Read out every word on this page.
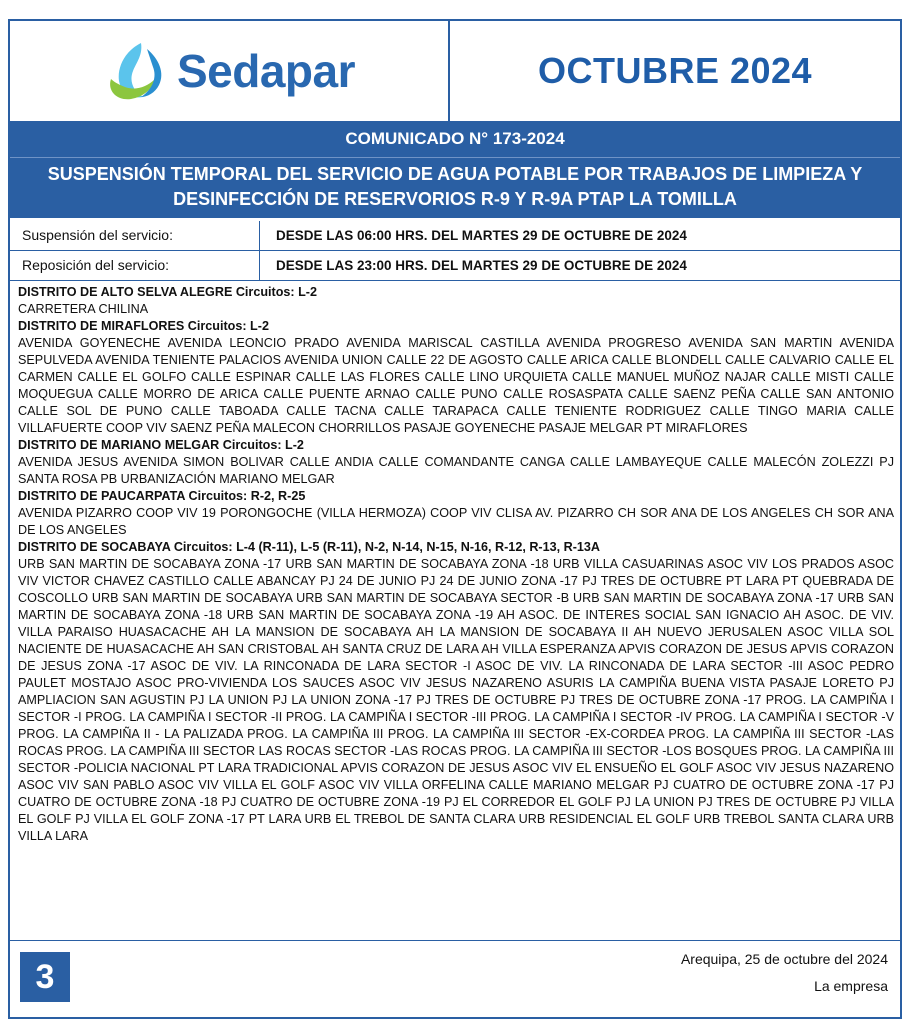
Sedapar	OCTUBRE 2024
COMUNICADO N° 173-2024
SUSPENSIÓN TEMPORAL DEL SERVICIO DE AGUA POTABLE POR TRABAJOS DE LIMPIEZA Y DESINFECCIÓN DE RESERVORIOS R-9 Y R-9A PTAP LA TOMILLA
Suspensión del servicio:	DESDE LAS 06:00 HRS. DEL MARTES 29 DE OCTUBRE DE 2024
Reposición del servicio:	DESDE LAS 23:00 HRS. DEL MARTES 29 DE OCTUBRE DE 2024

DISTRITO DE ALTO SELVA ALEGRE Circuitos: L-2

CARRETERA CHILINA

DISTRITO DE MIRAFLORES Circuitos: L-2

AVENIDA GOYENECHE AVENIDA LEONCIO PRADO AVENIDA MARISCAL CASTILLA AVENIDA PROGRESO AVENIDA SAN MARTIN AVENIDA SEPULVEDA AVENIDA TENIENTE PALACIOS AVENIDA UNION CALLE 22 DE AGOSTO CALLE ARICA CALLE BLONDELL CALLE CALVARIO CALLE EL CARMEN CALLE EL GOLFO CALLE ESPINAR CALLE LAS FLORES CALLE LINO URQUIETA CALLE MANUEL MUÑOZ NAJAR CALLE MISTI CALLE MOQUEGUA CALLE MORRO DE ARICA CALLE PUENTE ARNAO CALLE PUNO CALLE ROSASPATA CALLE SAENZ PEÑA CALLE SAN ANTONIO CALLE SOL DE PUNO CALLE TABOADA CALLE TACNA CALLE TARAPACA CALLE TENIENTE RODRIGUEZ CALLE TINGO MARIA CALLE VILLAFUERTE COOP VIV SAENZ PEÑA MALECON CHORRILLOS PASAJE GOYENECHE PASAJE MELGAR PT MIRAFLORES

DISTRITO DE MARIANO MELGAR Circuitos: L-2

AVENIDA JESUS AVENIDA SIMON BOLIVAR CALLE ANDIA CALLE COMANDANTE CANGA CALLE LAMBAYEQUE CALLE MALECÓN ZOLEZZI PJ SANTA ROSA PB URBANIZACIÓN MARIANO MELGAR

DISTRITO DE PAUCARPATA Circuitos: R-2, R-25

AVENIDA PIZARRO COOP VIV 19 PORONGOCHE (VILLA HERMOZA) COOP VIV CLISA AV. PIZARRO CH SOR ANA DE LOS ANGELES CH SOR ANA DE LOS ANGELES

DISTRITO DE SOCABAYA Circuitos: L-4 (R-11), L-5 (R-11), N-2, N-14, N-15, N-16, R-12, R-13, R-13A

URB SAN MARTIN DE SOCABAYA ZONA -17 URB SAN MARTIN DE SOCABAYA ZONA -18 URB VILLA CASUARINAS ASOC VIV LOS PRADOS ASOC VIV VICTOR CHAVEZ CASTILLO CALLE ABANCAY PJ 24 DE JUNIO PJ 24 DE JUNIO ZONA -17 PJ TRES DE OCTUBRE PT LARA PT QUEBRADA DE COSCOLLO URB SAN MARTIN DE SOCABAYA URB SAN MARTIN DE SOCABAYA SECTOR -B URB SAN MARTIN DE SOCABAYA ZONA -17 URB SAN MARTIN DE SOCABAYA ZONA -18 URB SAN MARTIN DE SOCABAYA ZONA -19 AH ASOC. DE INTERES SOCIAL SAN IGNACIO AH ASOC. DE VIV. VILLA PARAISO HUASACACHE AH LA MANSION DE SOCABAYA AH LA MANSION DE SOCABAYA II AH NUEVO JERUSALEN ASOC VILLA SOL NACIENTE DE HUASACACHE AH SAN CRISTOBAL AH SANTA CRUZ DE LARA AH VILLA ESPERANZA APVIS CORAZON DE JESUS APVIS CORAZON DE JESUS ZONA -17 ASOC DE VIV. LA RINCONADA DE LARA SECTOR -I ASOC DE VIV. LA RINCONADA DE LARA SECTOR -III ASOC PEDRO PAULET MOSTAJO ASOC PRO-VIVIENDA LOS SAUCES ASOC VIV JESUS NAZARENO ASURIS LA CAMPIÑA BUENA VISTA PASAJE LORETO PJ AMPLIACION SAN AGUSTIN PJ LA UNION PJ LA UNION ZONA -17 PJ TRES DE OCTUBRE PJ TRES DE OCTUBRE ZONA -17 PROG. LA CAMPIÑA I SECTOR -I PROG. LA CAMPIÑA I SECTOR -II PROG. LA CAMPIÑA I SECTOR -III PROG. LA CAMPIÑA I SECTOR -IV PROG. LA CAMPIÑA I SECTOR -V PROG. LA CAMPIÑA II - LA PALIZADA PROG. LA CAMPIÑA III PROG. LA CAMPIÑA III SECTOR -EX-CORDEA PROG. LA CAMPIÑA III SECTOR -LAS ROCAS PROG. LA CAMPIÑA III SECTOR LAS ROCAS SECTOR -LAS ROCAS PROG. LA CAMPIÑA III SECTOR -LOS BOSQUES PROG. LA CAMPIÑA III SECTOR -POLICIA NACIONAL PT LARA TRADICIONAL APVIS CORAZON DE JESUS ASOC VIV EL ENSUEÑO EL GOLF ASOC VIV JESUS NAZARENO ASOC VIV SAN PABLO ASOC VIV VILLA EL GOLF ASOC VIV VILLA ORFELINA CALLE MARIANO MELGAR PJ CUATRO DE OCTUBRE ZONA -17 PJ CUATRO DE OCTUBRE ZONA -18 PJ CUATRO DE OCTUBRE ZONA -19 PJ EL CORREDOR EL GOLF PJ LA UNION PJ TRES DE OCTUBRE PJ VILLA EL GOLF PJ VILLA EL GOLF ZONA -17 PT LARA URB EL TREBOL DE SANTA CLARA URB RESIDENCIAL EL GOLF URB TREBOL SANTA CLARA URB VILLA LARA

3	Arequipa, 25 de octubre del 2024
La empresa
